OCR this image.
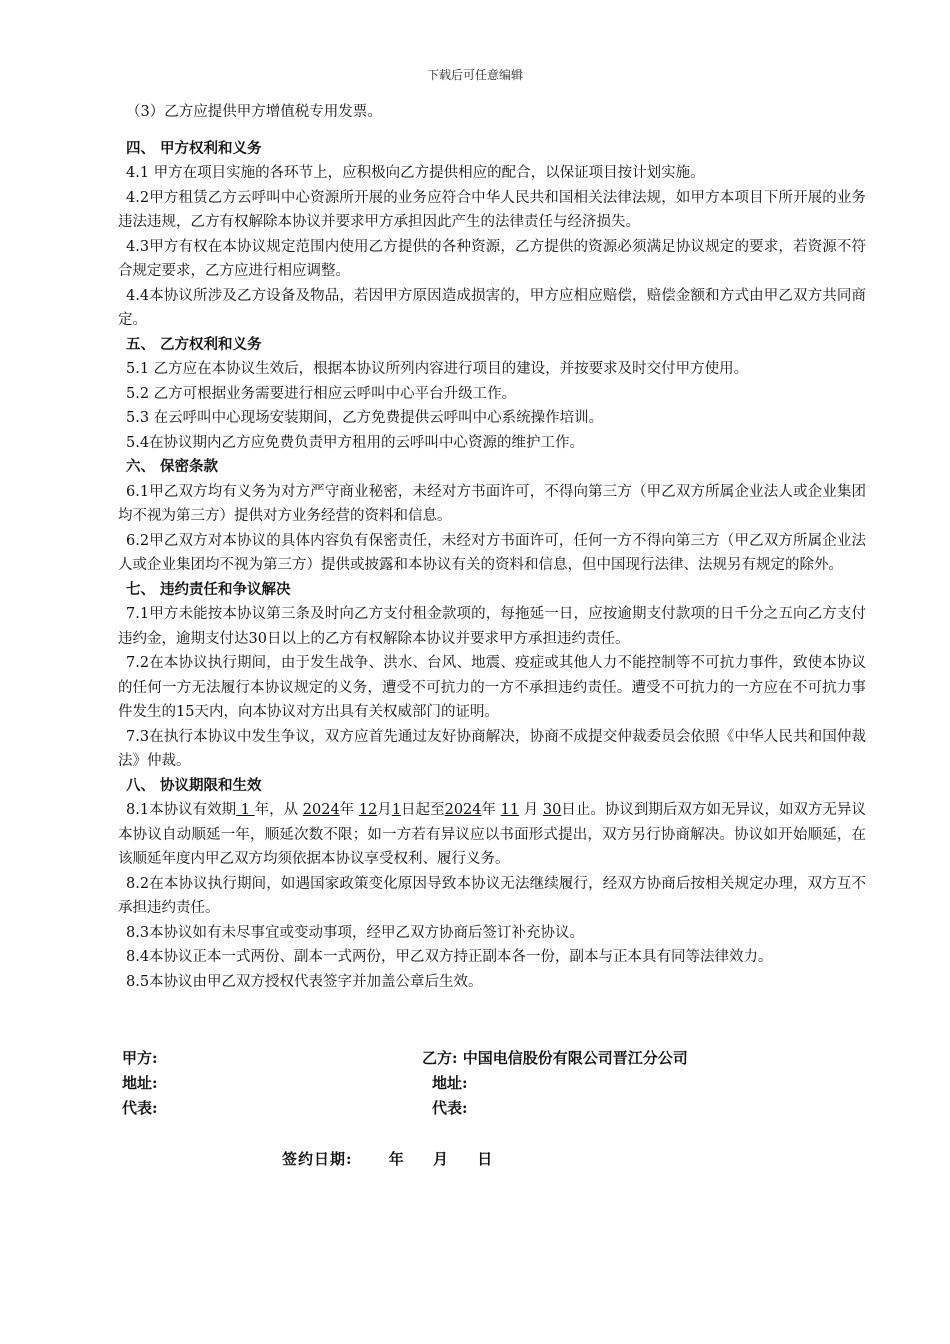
下载后可任意编辑

（3）乙方应提供甲方增值税专用发票。

四、 甲方权利和义务

4.1 甲方在项目实施的各环节上，应积极向乙方提供相应的配合，以保证项目按计划实施。

4.2甲方租赁乙方云呼叫中心资源所开展的业务应符合中华人民共和国相关法律法规，如甲方本项目下所开展的业务违法违规，乙方有权解除本协议并要求甲方承担因此产生的法律责任与经济损失。

4.3甲方有权在本协议规定范围内使用乙方提供的各种资源，乙方提供的资源必须满足协议规定的要求，若资源不符合规定要求，乙方应进行相应调整。

4.4本协议所涉及乙方设备及物品，若因甲方原因造成损害的，甲方应相应赔偿，赔偿金额和方式由甲乙双方共同商定。

五、 乙方权利和义务

5.1 乙方应在本协议生效后，根据本协议所列内容进行项目的建设，并按要求及时交付甲方使用。

5.2 乙方可根据业务需要进行相应云呼叫中心平台升级工作。

5.3 在云呼叫中心现场安装期间，乙方免费提供云呼叫中心系统操作培训。

5.4在协议期内乙方应免费负责甲方租用的云呼叫中心资源的维护工作。

六、 保密条款

6.1甲乙双方均有义务为对方严守商业秘密，未经对方书面许可，不得向第三方（甲乙双方所属企业法人或企业集团均不视为第三方）提供对方业务经营的资料和信息。

6.2甲乙双方对本协议的具体内容负有保密责任，未经对方书面许可，任何一方不得向第三方（甲乙双方所属企业法人或企业集团均不视为第三方）提供或披露和本协议有关的资料和信息，但中国现行法律、法规另有规定的除外。

七、 违约责任和争议解决

7.1甲方未能按本协议第三条及时向乙方支付租金款项的，每拖延一日，应按逾期支付款项的日千分之五向乙方支付违约金，逾期支付达30日以上的乙方有权解除本协议并要求甲方承担违约责任。

7.2在本协议执行期间，由于发生战争、洪水、台风、地震、疫症或其他人力不能控制等不可抗力事件，致使本协议的任何一方无法履行本协议规定的义务，遭受不可抗力的一方不承担违约责任。遭受不可抗力的一方应在不可抗力事件发生的15天内，向本协议对方出具有关权威部门的证明。

7.3在执行本协议中发生争议，双方应首先通过友好协商解决，协商不成提交仲裁委员会依照《中华人民共和国仲裁法》仲裁。

八、 协议期限和生效

8.1本协议有效期 1 年，从 2024年 12月1日起至2024年 11 月 30日止。协议到期后双方如无异议，如双方无异议本协议自动顺延一年，顺延次数不限；如一方若有异议应以书面形式提出，双方另行协商解决。协议如开始顺延，在该顺延年度内甲乙双方均须依据本协议享受权利、履行义务。

8.2在本协议执行期间，如遇国家政策变化原因导致本协议无法继续履行，经双方协商后按相关规定办理，双方互不承担违约责任。

8.3本协议如有未尽事宜或变动事项，经甲乙双方协商后签订补充协议。

8.4本协议正本一式两份、副本一式两份，甲乙双方持正副本各一份，副本与正本具有同等法律效力。

8.5本协议由甲乙双方授权代表签字并加盖公章后生效。

甲方:	乙方: 中国电信股份有限公司晋江分公司
地址:	地址:
代表:	代表:
签约日期: 年 月 日
